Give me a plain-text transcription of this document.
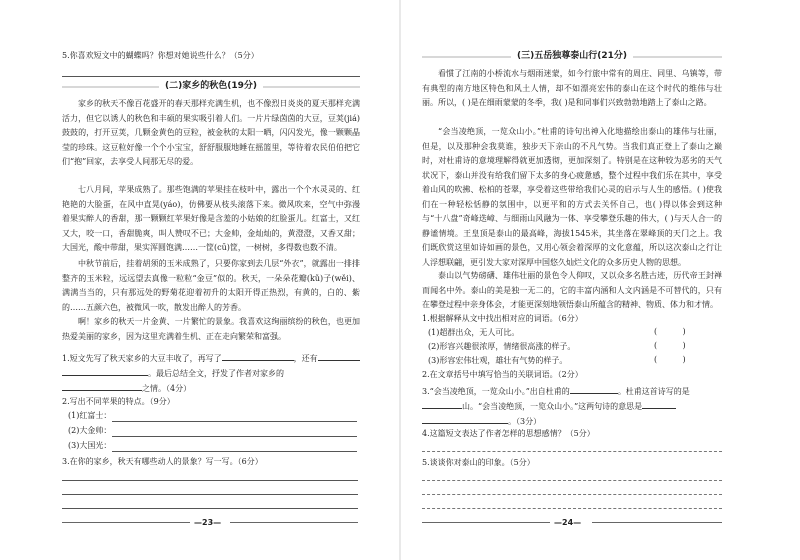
5.你喜欢短文中的蝴蝶吗？你想对她说些什么？（5分）
(二)家乡的秋色(19分)

家乡的秋天不像百花盛开的春天那样充满生机，也不像烈日炎炎的夏天那样充满活力，但它以诱人的秋色和丰硕的果实吸引着人们。一片片绿茵茵的大豆，豆荚(jiá)鼓鼓的，打开豆荚，几颗金黄色的豆粒，被金秋的太阳一晒，闪闪发光，像一颗颗晶莹的珍珠。这豆粒好像一个个小宝宝，舒舒服服地睡在摇篮里，等待着农民伯伯把它们“抱”回家，去享受人间那无尽的爱。

七八月间，苹果成熟了。那些饱满的苹果挂在枝叶中，露出一个个水灵灵的、红艳艳的大脸蛋，在风中直晃(yáo)，仿佛要从枝头滚落下来。微风吹来，空气中弥漫着果实醉人的香甜，那一颗颗红苹果好像是含羞的小姑娘的红脸蛋儿。红富士，又红又大，咬一口，香甜脆爽，叫人赞叹不已；大金帅，金灿灿的，黄澄澄，又香又甜；大国光，酸中带甜，果实浑圆饱满……一筐(cū)筐，一树树，多得数也数不清。

中秋节前后，挂着胡须的玉米成熟了，只要你家到去几层“外衣”，就露出一排排整齐的玉米粒，远远望去真像一粒粒“金豆”似的。秋天，一朵朵花瓣(kǔ)子(wěi)、满满当当的，只有那远处的野菊花迎着初升的太阳开得正热烈，有黄的，白的、紫的……五颜六色，被微风一吹，散发出醉人的芳香。

啊！家乡的秋天一片金黄、一片繁忙的景象。我喜欢这绚丽缤纷的秋色，也更加热爱美丽的家乡，因为这里充满着生机、正在走向繁荣和富强。

1.短文先写了秋天家乡的大豆丰收了，再写了	，还有
。最后总结全文，抒发了作者对家乡的
之情。（4分）
2.写出不同苹果的特点。（9分）
(1)红富士：
(2)大金帅：
(3)大国光：
3.在你的家乡，秋天有哪些动人的景象？写一写。（6分）
—23—
(三)五岳独尊泰山行(21分)

看惯了江南的小桥流水与烟雨迷蒙，如今行旅中常有的周庄、同里、乌镇等，带有典型的南方地区特色和风土人情，却不如漂亮宏伟的泰山在这个时代的维伟与壮丽。所以，( )是在细雨蒙蒙的冬季，我( )是和同事们兴致勃勃地踏上了泰山之路。

“会当凌绝顶，一览众山小。”杜甫的诗句出神入化地描绘出泰山的雄伟与壮丽，但是，以及那种会我莫谁，独步天下亲山的不凡气势。当我们真正登上了泰山之巅时，对杜甫诗的意境理解得就更加透彻，更加深刻了。特别是在这种较为恶劣的天气状况下，泰山并没有给我们留下太多的身心疲惫感，整个过程中我们乐在其中，享受着山风的吹拂、松柏的苍翠，享受着这些带给我们心灵的启示与人生的感悟。( )使我们在一种轻松恬静的氛围中，以更平和的方式去关怀自己，也( )得以体会到这种与“十八盘”奇峰迭嶂、与细雨山风融为一体、享受攀登乐趣的伟大，( )与天人合一的静谧情境。王皇顶是泰山的最高峰，海拔1545米，其坐落在翠峰顶的天门之上。我们既欣赏这里如诗如画的景色，又用心领会着深厚的文化意蕴，所以这次泰山之行让人浮想联翩，更引发大家对深厚中国悠久灿烂文化的众多历史人物的思想。

泰山以气势磅礴、雄伟壮丽的景色令人仰叹，又以众多名胜古迹，历代帝王封禅而闻名中外。泰山的美是独一无二的，它的丰富内涵和人文内涵是不可替代的，只有在攀登过程中亲身体会，才能更深刻地领悟泰山所蕴含的精神、物质、体力和才情。

1.根据解释从文中找出相对应的词语。（6分）
(1)超群出众，无人可比。	(          )
(2)形容兴趣很浓厚，情绪很高涨的样子。	(          )
(3)形容宏伟壮观，雄壮有气势的样子。	(          )
2.在文章括号中填写恰当的关联词语。（2分）
3.“会当凌绝顶，一览众山小。”出自杜甫的	。杜甫这首诗写的是
山。“会当凌绝顶，一览众山小。”这两句诗的意思是
。（3分）
4.这篇短文表达了作者怎样的思想感情？（5分）
5.谈谈你对泰山的印象。（5分）
—24—
